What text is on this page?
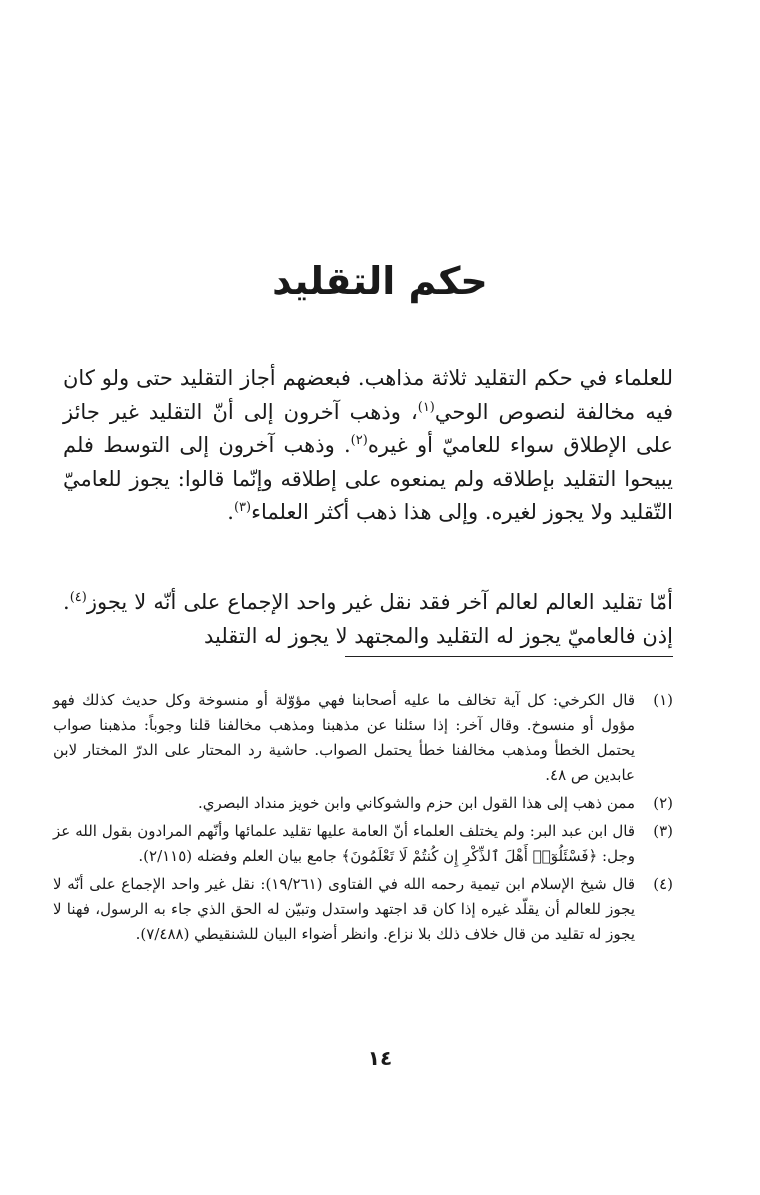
حكم التقليد

للعلماء في حكم التقليد ثلاثة مذاهب. فبعضهم أجاز التقليد حتى ولو كان فيه مخالفة لنصوص الوحي$^{(١)}$، وذهب آخرون إلى أنّ التقليد غير جائز على الإطلاق سواء للعاميّ أو غيره$^{(٢)}$. وذهب آخرون إلى التوسط فلم يبيحوا التقليد بإطلاقه ولم يمنعوه على إطلاقه وإنّما قالوا: يجوز للعاميّ التّقليد ولا يجوز لغيره. وإلى هذا ذهب أكثر العلماء$^{(٣)}$.

أمّا تقليد العالم لعالم آخر فقد نقل غير واحد الإجماع على أنّه لا يجوز$^{(٤)}$. إذن فالعاميّ يجوز له التقليد والمجتهد لا يجوز له التقليد

(١)
قال الكرخي: كل آية تخالف ما عليه أصحابنا فهي مؤوّلة أو منسوخة وكل حديث كذلك فهو مؤول أو منسوخ. وقال آخر: إذا سئلنا عن مذهبنا ومذهب مخالفنا قلنا وجوباً: مذهبنا صواب يحتمل الخطأ ومذهب مخالفنا خطأ يحتمل الصواب. حاشية رد المحتار على الدرّ المختار لابن عابدين ص ٤٨.
(٢)
ممن ذهب إلى هذا القول ابن حزم والشوكاني وابن خويز منداد البصري.
(٣)
قال ابن عبد البر: ولم يختلف العلماء أنّ العامة عليها تقليد علمائها وأنّهم المرادون بقول الله عز وجل: ﴿فَسْئَلُوٓا۟ أَهْلَ ٱلذِّكْرِ إِن كُنتُمْ لَا تَعْلَمُونَ﴾ جامع بيان العلم وفضله (٢/١١٥).
(٤)
قال شيخ الإسلام ابن تيمية رحمه الله في الفتاوى (١٩/٢٦١): نقل غير واحد الإجماع على أنّه لا يجوز للعالم أن يقلّد غيره إذا كان قد اجتهد واستدل وتبيّن له الحق الذي جاء به الرسول، فهنا لا يجوز له تقليد من قال خلاف ذلك بلا نزاع. وانظر أضواء البيان للشنقيطي (٧/٤٨٨).
١٤
